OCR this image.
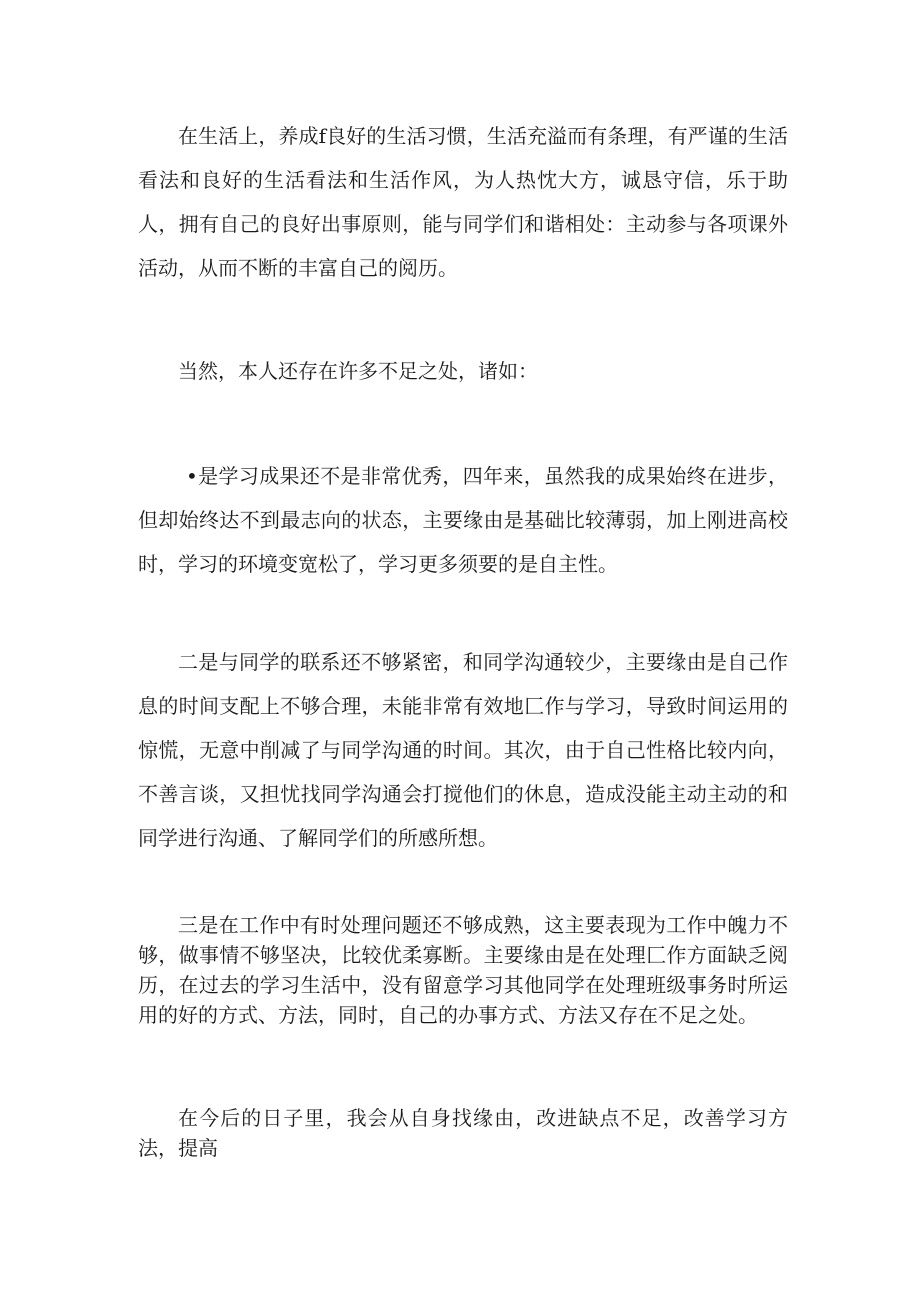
在生活上，养成f良好的生活习惯，生活充溢而有条理，有严谨的生活看法和良好的生活看法和生活作风，为人热忱大方，诚恳守信，乐于助人，拥有自己的良好出事原则，能与同学们和谐相处：主动参与各项课外活动，从而不断的丰富自己的阅历。

当然，本人还存在许多不足之处，诸如：

•是学习成果还不是非常优秀，四年来，虽然我的成果始终在进步，但却始终达不到最志向的状态，主要缘由是基础比较薄弱，加上刚进高校时，学习的环境变宽松了，学习更多须要的是自主性。

二是与同学的联系还不够紧密，和同学沟通较少，主要缘由是自己作息的时间支配上不够合理，未能非常有效地匚作与学习，导致时间运用的惊慌，无意中削减了与同学沟通的时间。其次，由于自己性格比较内向，不善言谈，又担忧找同学沟通会打搅他们的休息，造成没能主动主动的和同学进行沟通、了解同学们的所感所想。

三是在工作中有时处理问题还不够成熟，这主要表现为工作中魄力不够，做事情不够坚决，比较优柔寡断。主要缘由是在处理匚作方面缺乏阅历，在过去的学习生活中，没有留意学习其他同学在处理班级事务时所运用的好的方式、方法，同时，自己的办事方式、方法又存在不足之处。

在今后的日子里，我会从自身找缘由，改进缺点不足，改善学习方法，提高
